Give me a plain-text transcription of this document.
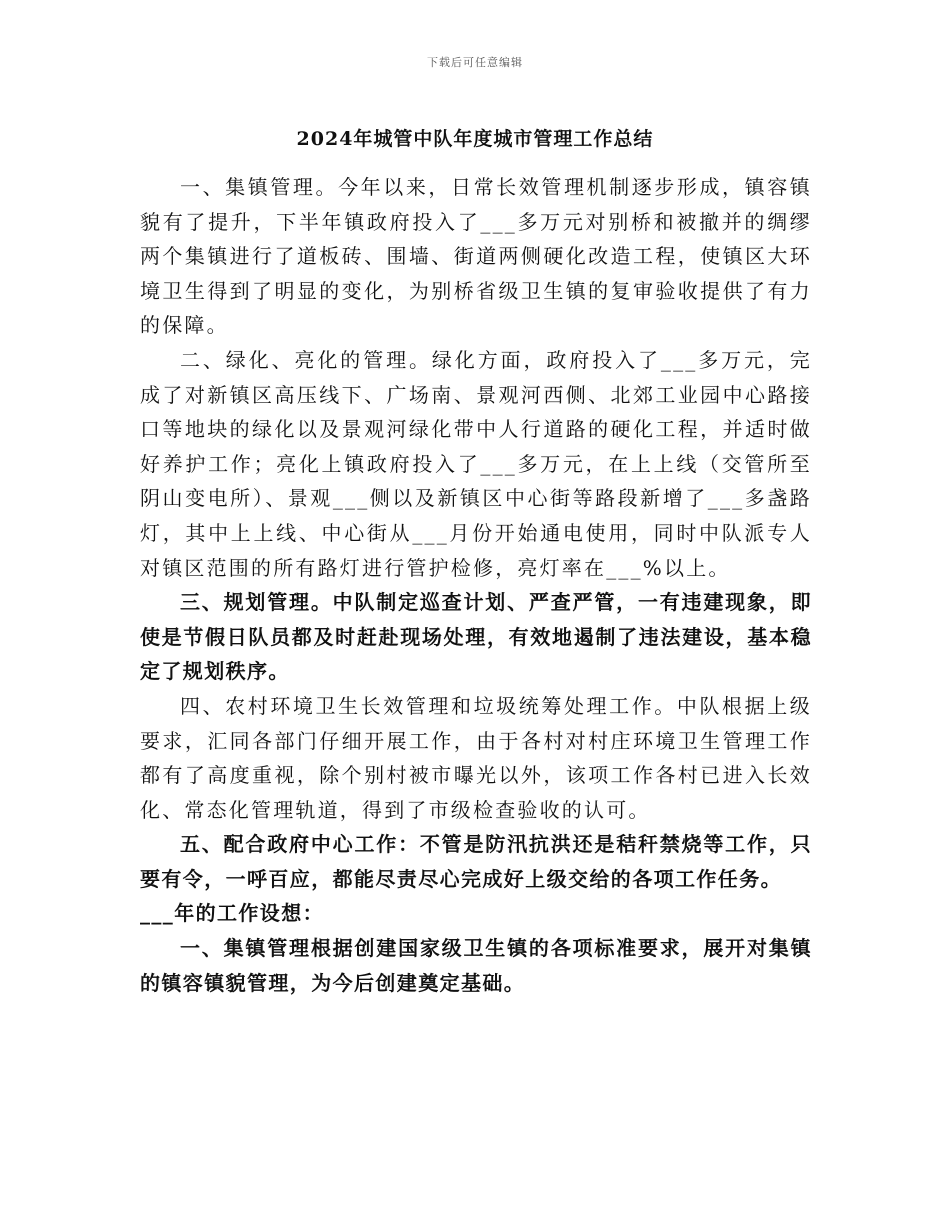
下载后可任意编辑
2024年城管中队年度城市管理工作总结

一、集镇管理。今年以来，日常长效管理机制逐步形成，镇容镇貌有了提升，下半年镇政府投入了___多万元对别桥和被撤并的绸缪两个集镇进行了道板砖、围墙、街道两侧硬化改造工程，使镇区大环境卫生得到了明显的变化，为别桥省级卫生镇的复审验收提供了有力的保障。

二、绿化、亮化的管理。绿化方面，政府投入了___多万元，完成了对新镇区高压线下、广场南、景观河西侧、北郊工业园中心路接口等地块的绿化以及景观河绿化带中人行道路的硬化工程，并适时做好养护工作；亮化上镇政府投入了___多万元，在上上线（交管所至阴山变电所）、景观___侧以及新镇区中心街等路段新增了___多盏路灯，其中上上线、中心街从___月份开始通电使用，同时中队派专人对镇区范围的所有路灯进行管护检修，亮灯率在___%以上。

三、规划管理。中队制定巡查计划、严查严管，一有违建现象，即使是节假日队员都及时赶赴现场处理，有效地遏制了违法建设，基本稳定了规划秩序。

四、农村环境卫生长效管理和垃圾统筹处理工作。中队根据上级要求，汇同各部门仔细开展工作，由于各村对村庄环境卫生管理工作都有了高度重视，除个别村被市曝光以外，该项工作各村已进入长效化、常态化管理轨道，得到了市级检查验收的认可。

五、配合政府中心工作：不管是防汛抗洪还是秸秆禁烧等工作，只要有令，一呼百应，都能尽责尽心完成好上级交给的各项工作任务。

___年的工作设想：

一、集镇管理根据创建国家级卫生镇的各项标准要求，展开对集镇的镇容镇貌管理，为今后创建奠定基础。
